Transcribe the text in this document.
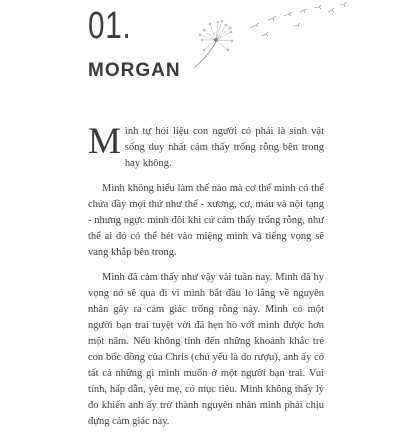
01.
MORGAN

Mình tự hỏi liệu con người có phải là sinh vật sống duy nhất cảm thấy trống rỗng bên trong hay không.

Mình không hiểu làm thế nào mà cơ thể mình có thể chứa đầy mọi thứ như thế - xương, cơ, máu và nội tạng - nhưng ngực mình đôi khi cứ cảm thấy trống rỗng, như thể ai đó có thể hét vào miệng mình và tiếng vọng sẽ vang khắp bên trong.

Mình đã cảm thấy như vậy vài tuần nay. Mình đã hy vọng nó sẽ qua đi vì mình bắt đầu lo lắng về nguyên nhân gây ra cảm giác trống rỗng này. Mình có một người bạn trai tuyệt vời đã hẹn hò với mình được hơn một năm. Nếu không tính đến những khoảnh khắc trẻ con bốc đồng của Chris (chủ yếu là do rượu), anh ấy có tất cả những gì mình muốn ở một người bạn trai. Vui tính, hấp dẫn, yêu mẹ, có mục tiêu. Mình không thấy lý do khiến anh ấy trở thành nguyên nhân mình phải chịu đựng cảm giác này.
